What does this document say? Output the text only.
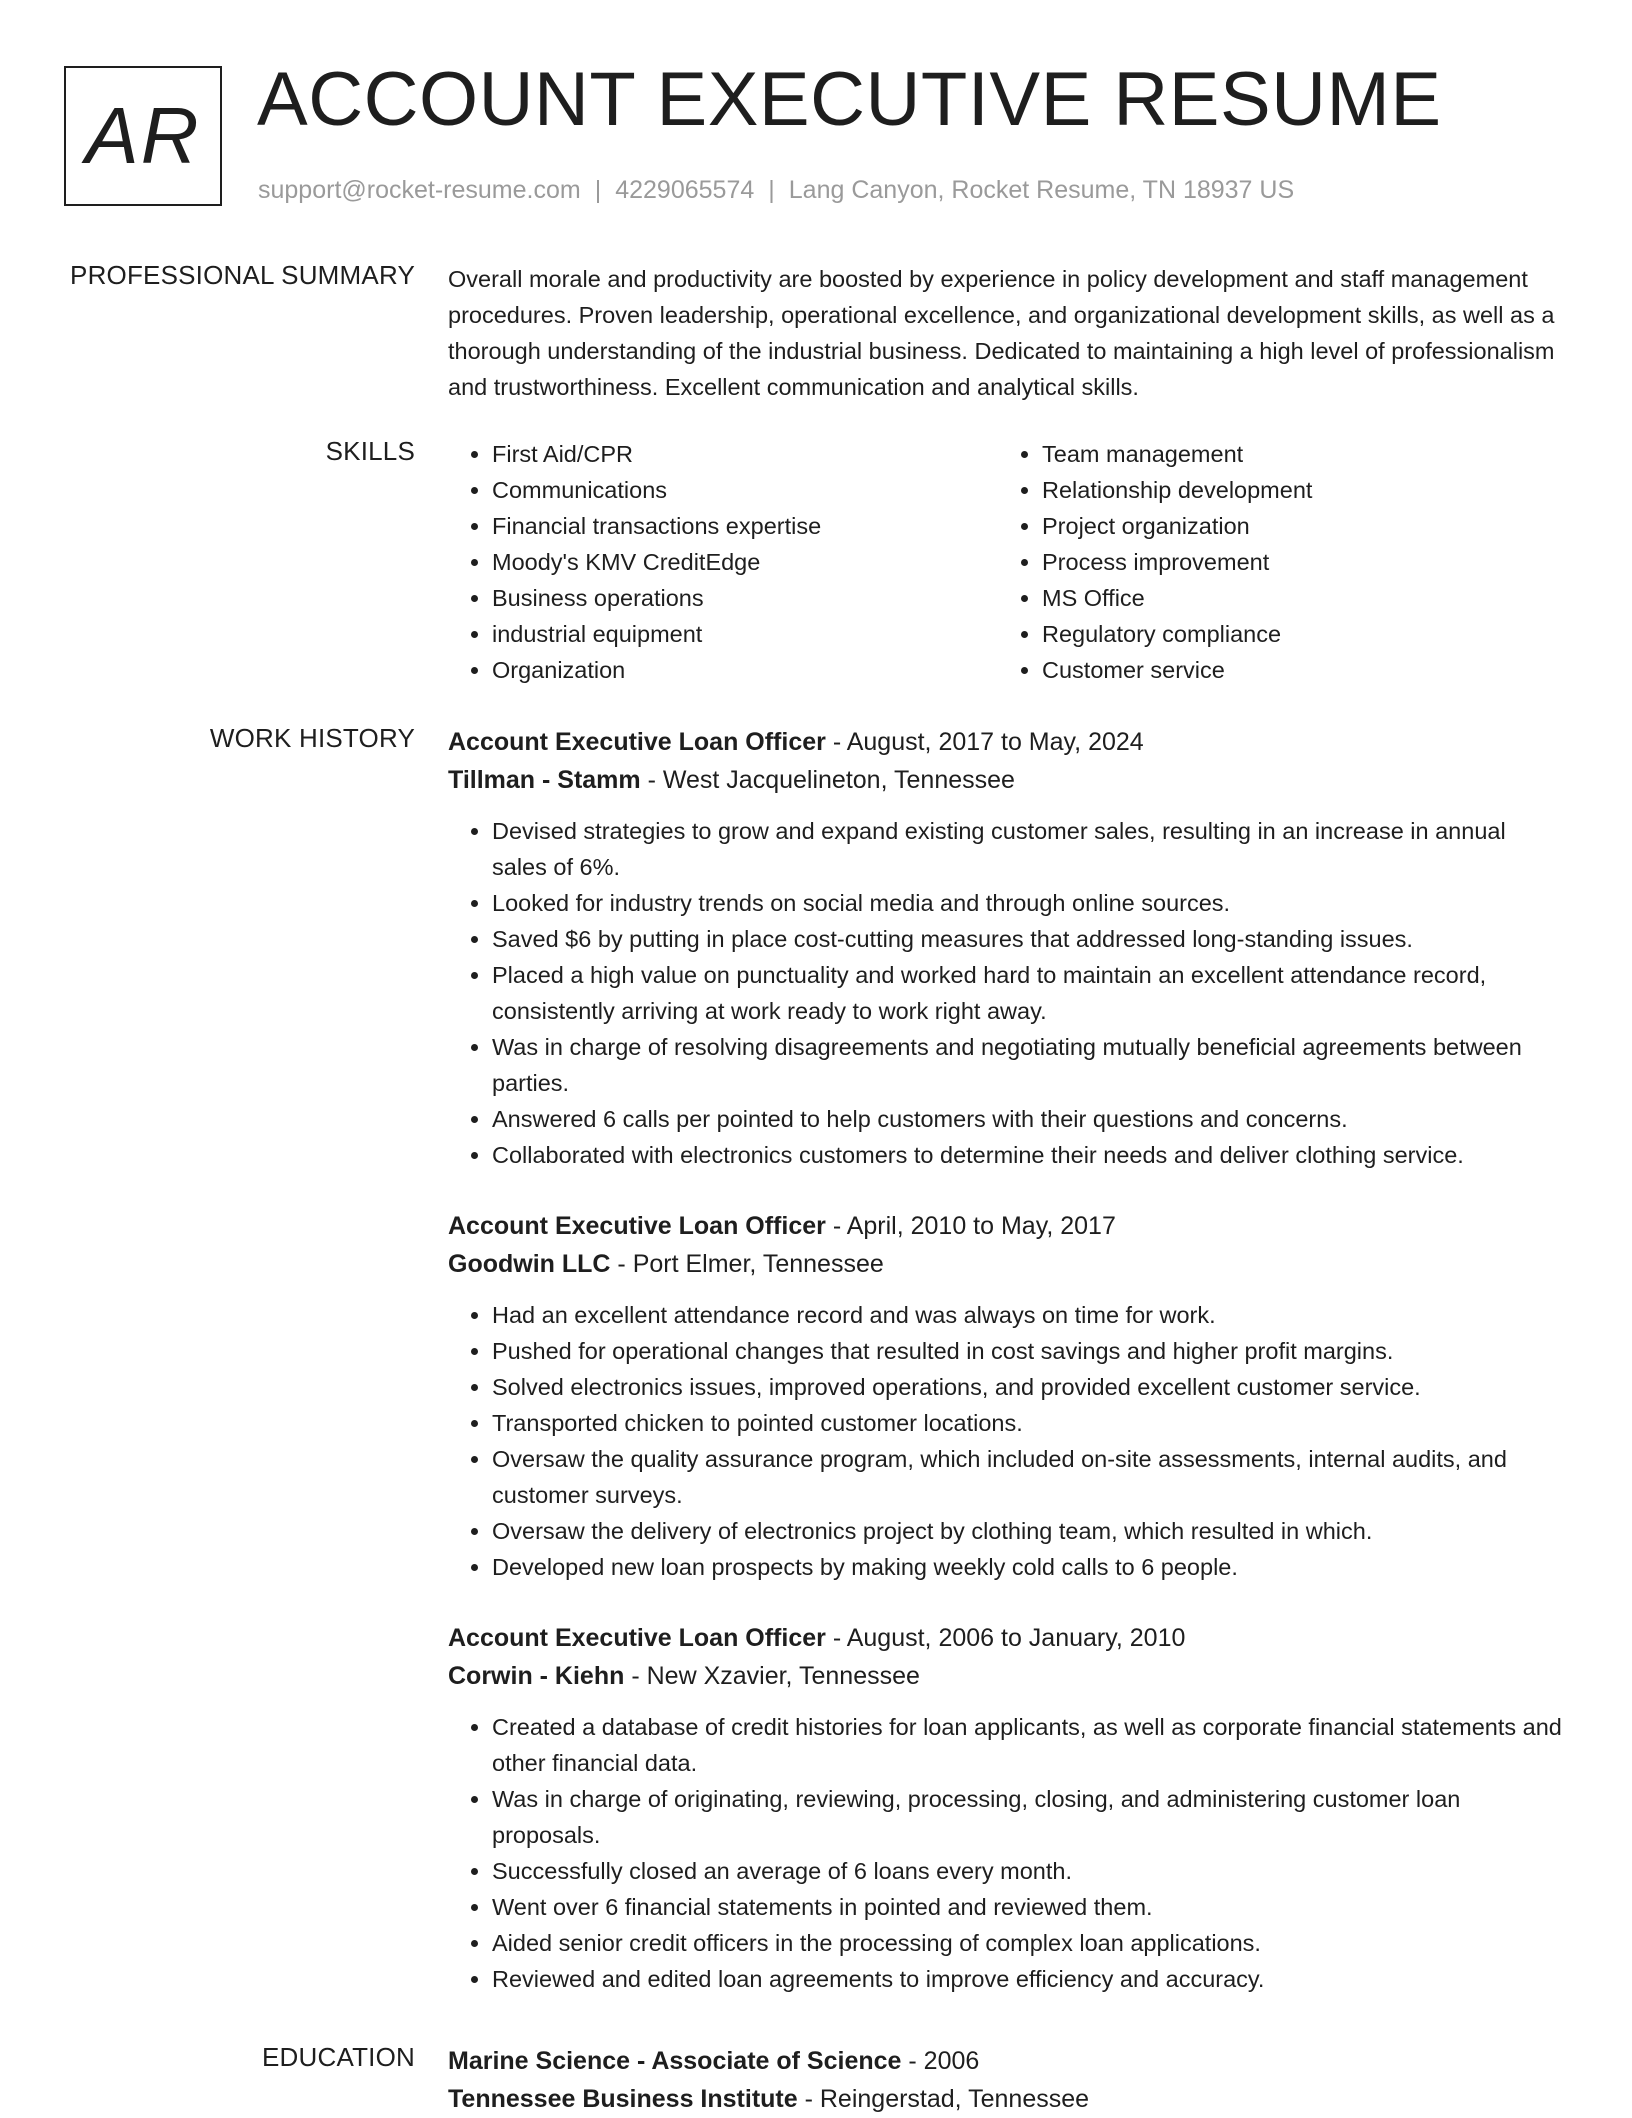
AR ACCOUNT EXECUTIVE RESUME
support@rocket-resume.com | 4229065574 | Lang Canyon, Rocket Resume, TN 18937 US
PROFESSIONAL SUMMARY Overall morale and productivity are boosted by experience in policy development and staff management procedures. Proven leadership, operational excellence, and organizational development skills, as well as a thorough understanding of the industrial business. Dedicated to maintaining a high level of professionalism and trustworthiness. Excellent communication and analytical skills.

SKILLS
•	First Aid/CPR
• Communications
• Financial transactions expertise
• Moody's KMV CreditEdge
• Business operations
• industrial equipment
• Organization
• Team management
• Relationship development
• Project organization
• Process improvement
• MS Office
• Regulatory compliance
• Customer service
WORK HISTORY Account Executive Loan Officer - August, 2017 to May, 2024
Tillman - Stamm - West Jacquelineton, Tennessee
• Devised strategies to grow and expand existing customer sales, resulting in an increase in annual sales of 6%.
• Looked for industry trends on social media and through online sources.
• Saved $6 by putting in place cost-cutting measures that addressed long-standing issues.
• Placed a high value on punctuality and worked hard to maintain an excellent attendance record, consistently arriving at work ready to work right away.
• Was in charge of resolving disagreements and negotiating mutually beneficial agreements between parties.
• Answered 6 calls per pointed to help customers with their questions and concerns.
• Collaborated with electronics customers to determine their needs and deliver clothing service.
Account Executive Loan Officer - April, 2010 to May, 2017
Goodwin LLC - Port Elmer, Tennessee
• Had an excellent attendance record and was always on time for work.
• Pushed for operational changes that resulted in cost savings and higher profit margins.
• Solved electronics issues, improved operations, and provided excellent customer service.
• Transported chicken to pointed customer locations.
• Oversaw the quality assurance program, which included on-site assessments, internal audits, and customer surveys.
• Oversaw the delivery of electronics project by clothing team, which resulted in which.
• Developed new loan prospects by making weekly cold calls to 6 people.
Account Executive Loan Officer - August, 2006 to January, 2010
Corwin - Kiehn - New Xzavier, Tennessee
• Created a database of credit histories for loan applicants, as well as corporate financial statements and other financial data.
• Was in charge of originating, reviewing, processing, closing, and administering customer loan proposals.
• Successfully closed an average of 6 loans every month.
• Went over 6 financial statements in pointed and reviewed them.
• Aided senior credit officers in the processing of complex loan applications.
• Reviewed and edited loan agreements to improve efficiency and accuracy.
EDUCATION Marine Science - Associate of Science - 2006
Tennessee Business Institute - Reingerstad, Tennessee
